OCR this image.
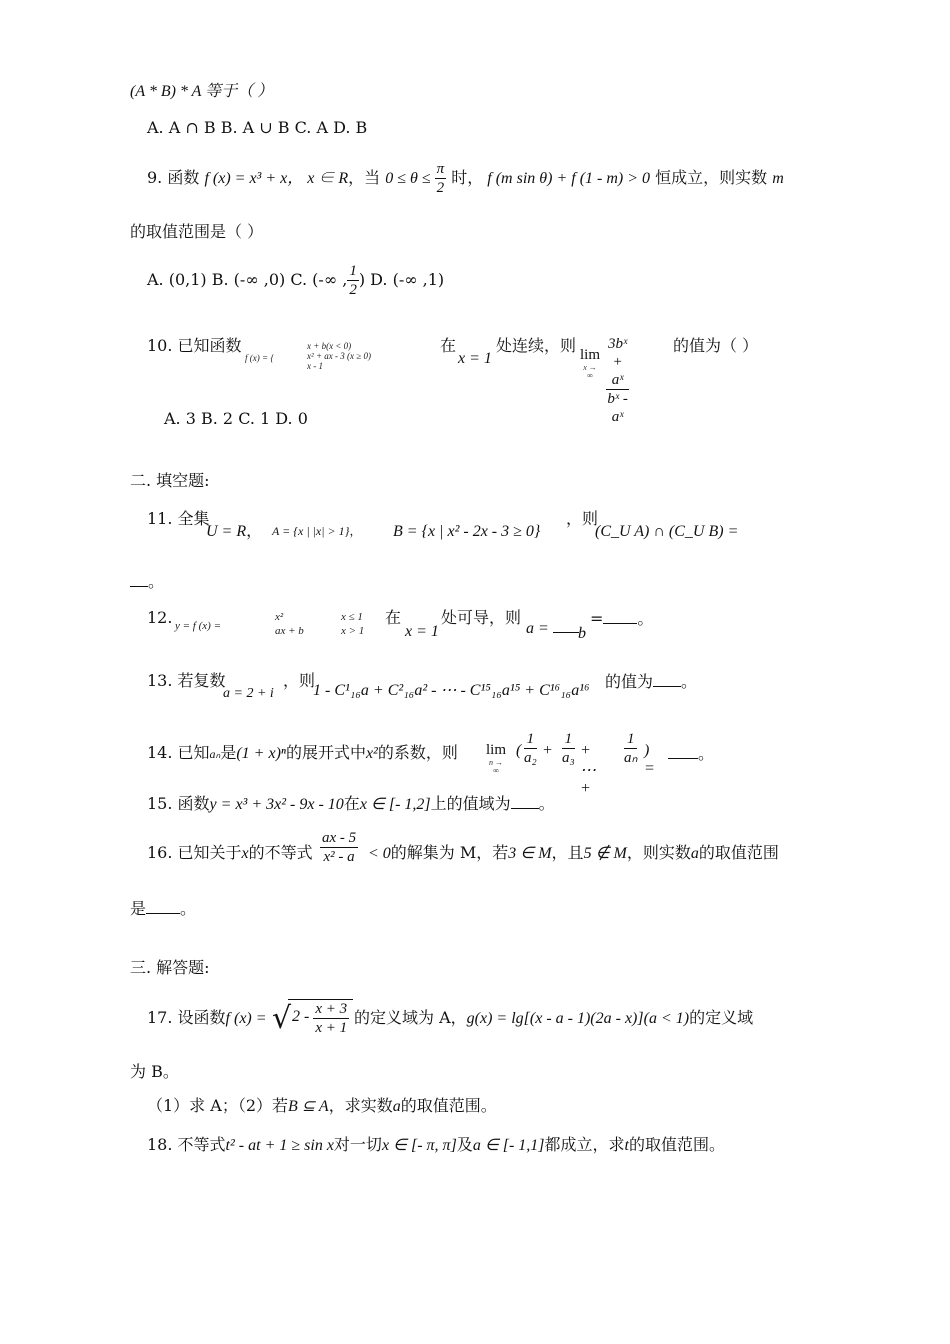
(A * B) * A 等于（ ）
A. A ∩ B B. A ∪ B C. A D. B
9. 函数 f (x) = x³ + x， x ∈ R，当 $0 \le \theta \le \frac{\pi}{2}$ 时， f (m sin θ) + f (1 - m) > 0 恒成立，则实数 m
的取值范围是（ ）
A. (0,1) B. (-∞ ,0) C. (-∞ , $\frac{1}{2}$ ) D. (-∞ ,1)
10. 已知函数
f (x) = {
x + b(x < 0)
x² + ax - 3 (x ≥ 0)
x - 1
在
x = 1
处连续，则 lim
x → ∞ $\frac{\text{3bˣ + aˣ}}{\text{bˣ - aˣ}}$	的值为（ ）
A. 3 B. 2 C. 1 D. 0
二. 填空题:
11. 全集
U = R， A = {x | |x| > 1}， B = {x | x² - 2x - 3 ≥ 0}
，则
(C_U A) ∩ (C_U B) =
。
12. y = f (x) =
x²	x ≤ 1
ax + b	x > 1
在
x = 1
处可导，则
a =	b
= 。
13. 若复数
a = 2 + i
，则
1 - C¹₁₆a + C²₁₆a² - ⋯ - C¹⁵₁₆a¹⁵ + C¹⁶₁₆a¹⁶ 的值为 。
14. 已知aₙ是(1 + x)ⁿ的展开式中x²的系数，则 lim
n → ∞
( $\frac{1}{\text{a₂}} + \frac{1}{\text{a₃}}$ + ⋯ +
$\frac{1}{\text{aₙ}}$ ) =
。
15. 函数y = x³ + 3x² - 9x - 10在x ∈ [- 1,2]上的值域为 。
16. 已知关于x的不等式 $\frac{ax - 5}{\text{x² - a}} < 0$的解集为 M，若3 ∈ M，且5 ∉ M，则实数a的取值范围
是 。
三. 解答题:
17. 设函数f (x) = √ $2 - \frac{x + 3}{x + 1}$ 的定义域为 A，g(x) = lg[(x - a - 1)(2a - x)](a < 1)的定义域
为 B。
（1）求 A；（2）若B ⊆ A，求实数a的取值范围。
18. 不等式t² - at + 1 ≥ sin x对一切x ∈ [- π, π]及a ∈ [- 1,1]都成立，求t的取值范围。
